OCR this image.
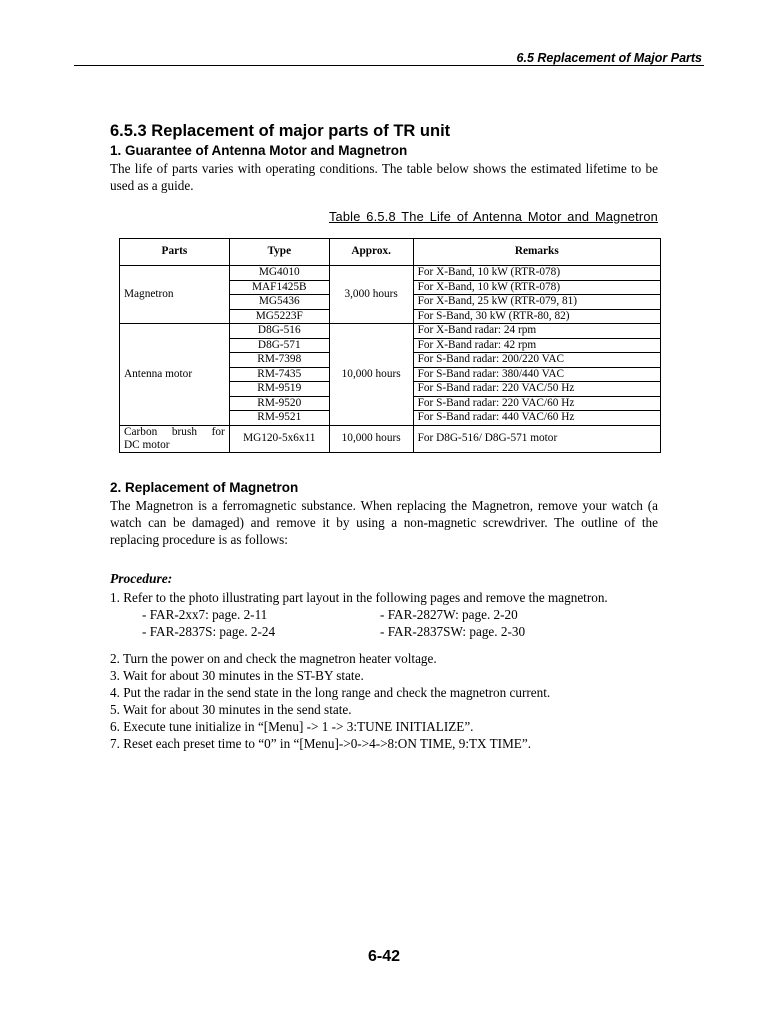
6.5 Replacement of Major Parts
6.5.3 Replacement of major parts of TR unit
1. Guarantee of Antenna Motor and Magnetron

The life of parts varies with operating conditions. The table below shows the estimated lifetime to be used as a guide.

Table 6.5.8 The Life of Antenna Motor and Magnetron
Parts	Type	Approx.	Remarks
Magnetron	MG4010	3,000 hours	For X-Band, 10 kW (RTR-078)
	MAF1425B		For X-Band, 10 kW (RTR-078)
	MG5436		For X-Band, 25 kW (RTR-079, 81)
	MG5223F		For S-Band, 30 kW (RTR-80, 82)
Antenna motor	D8G-516	10,000 hours	For X-Band radar: 24 rpm
	D8G-571		For X-Band radar: 42 rpm
	RM-7398		For S-Band radar: 200/220 VAC
	RM-7435		For S-Band radar: 380/440 VAC
	RM-9519		For S-Band radar: 220 VAC/50 Hz
	RM-9520		For S-Band radar: 220 VAC/60 Hz
	RM-9521		For S-Band radar: 440 VAC/60 Hz
Carbon brush for
DC motor	MG120-5x6x11	10,000 hours	For D8G-516/ D8G-571 motor
2. Replacement of Magnetron

The Magnetron is a ferromagnetic substance. When replacing the Magnetron, remove your watch (a watch can be damaged) and remove it by using a non-magnetic screwdriver. The outline of the replacing procedure is as follows:

Procedure:

1. Refer to the photo illustrating part layout in the following pages and remove the magnetron.

- FAR-2xx7: page. 2-11	- FAR-2827W: page. 2-20
- FAR-2837S: page. 2-24	- FAR-2837SW: page. 2-30

2. Turn the power on and check the magnetron heater voltage.

3. Wait for about 30 minutes in the ST-BY state.

4. Put the radar in the send state in the long range and check the magnetron current.

5. Wait for about 30 minutes in the send state.

6. Execute tune initialize in “[Menu] -> 1 -> 3:TUNE INITIALIZE”.

7. Reset each preset time to “0” in “[Menu]->0->4->8:ON TIME, 9:TX TIME”.

6-42
